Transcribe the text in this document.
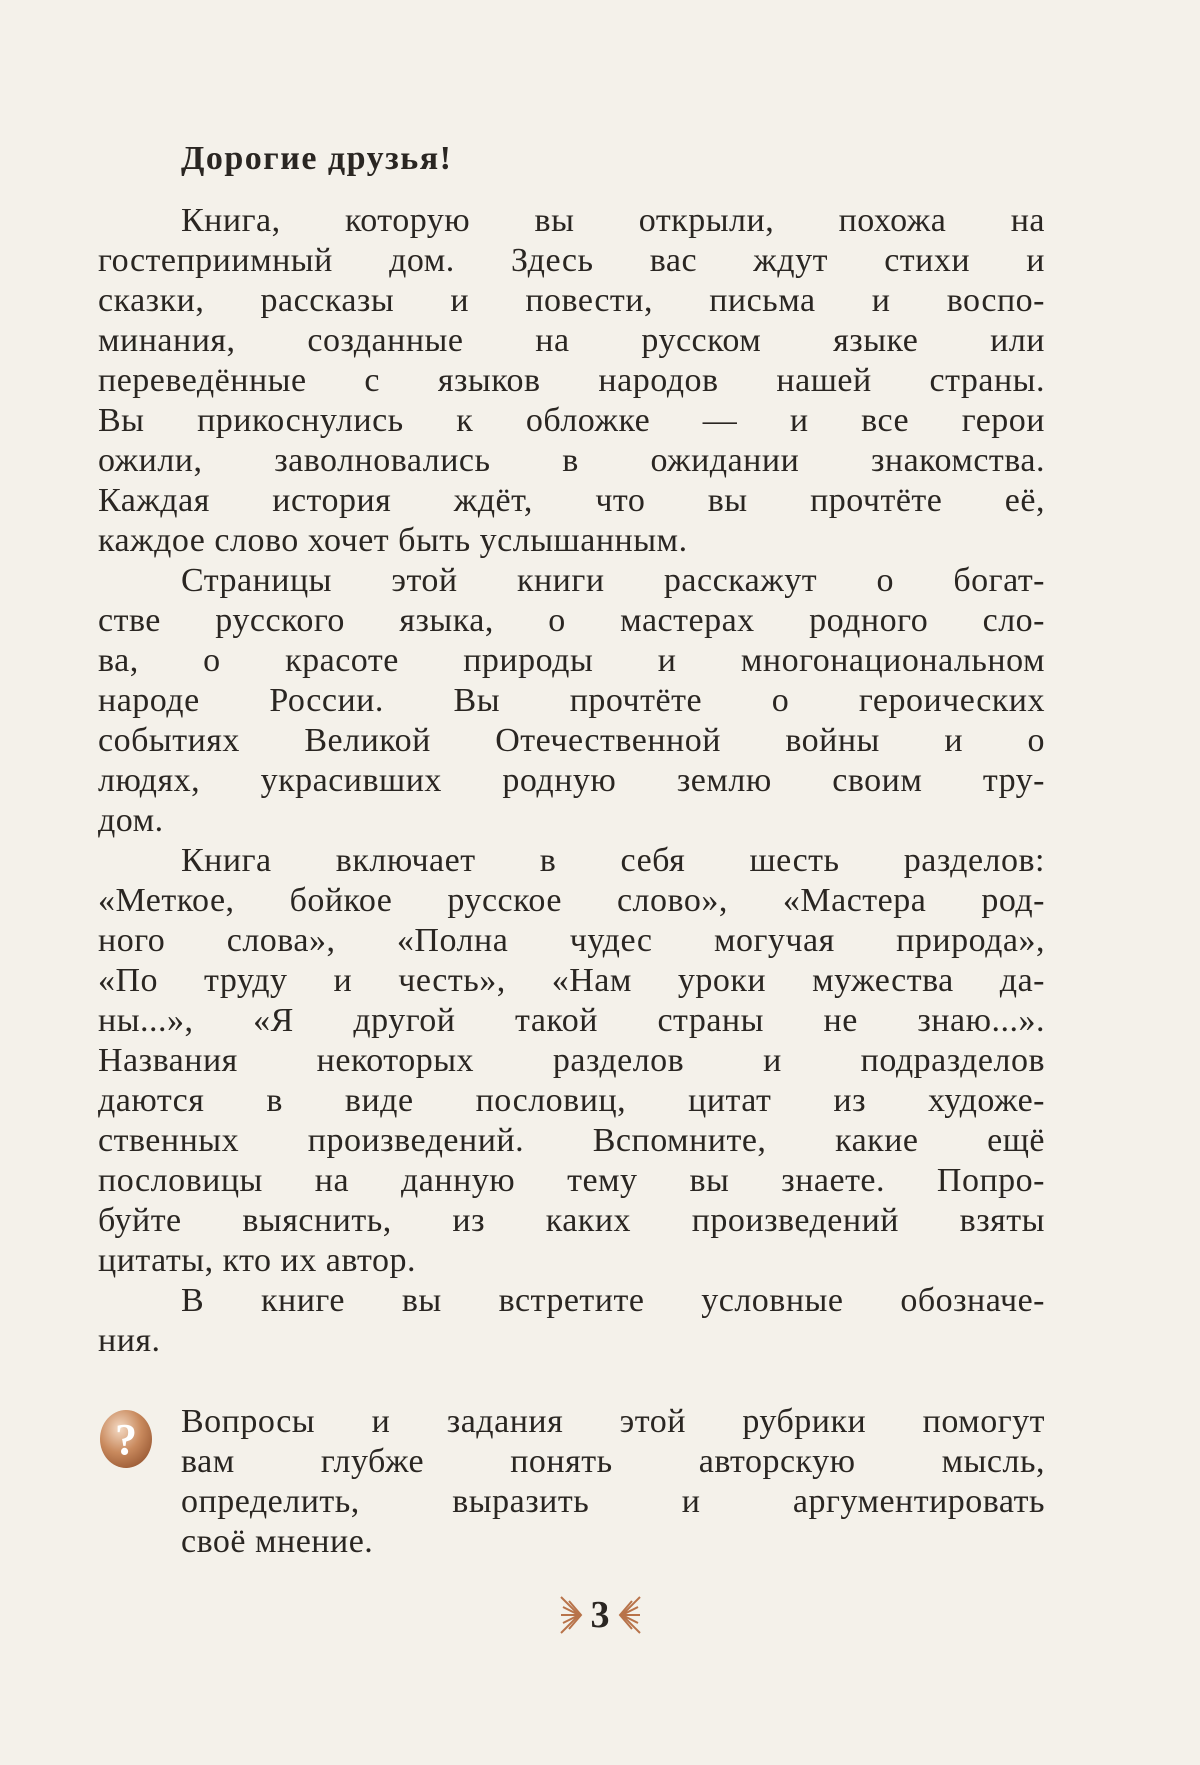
Дорогие друзья!
Книга, которую вы открыли, похожа на
гостеприимный дом. Здесь вас ждут стихи и
сказки, рассказы и повести, письма и воспо-
минания, созданные на русском языке или
переведённые с языков народов нашей страны.
Вы прикоснулись к обложке — и все герои
ожили, заволновались в ожидании знакомства.
Каждая история ждёт, что вы прочтёте её,
каждое слово хочет быть услышанным.
Страницы этой книги расскажут о богат-
стве русского языка, о мастерах родного сло-
ва, о красоте природы и многонациональном
народе России. Вы прочтёте о героических
событиях Великой Отечественной войны и о
людях, украсивших родную землю своим тру-
дом.
Книга включает в себя шесть разделов:
«Меткое, бойкое русское слово», «Мастера род-
ного слова», «Полна чудес могучая природа»,
«По труду и честь», «Нам уроки мужества да-
ны...», «Я другой такой страны не знаю...».
Названия некоторых разделов и подразделов
даются в виде пословиц, цитат из художе-
ственных произведений. Вспомните, какие ещё
пословицы на данную тему вы знаете. Попро-
буйте выяснить, из каких произведений взяты
цитаты, кто их автор.
В книге вы встретите условные обозначе-
ния.
? Вопросы и задания этой рубрики помогут
вам глубже понять авторскую мысль,
определить, выразить и аргументировать
своё мнение.
3
